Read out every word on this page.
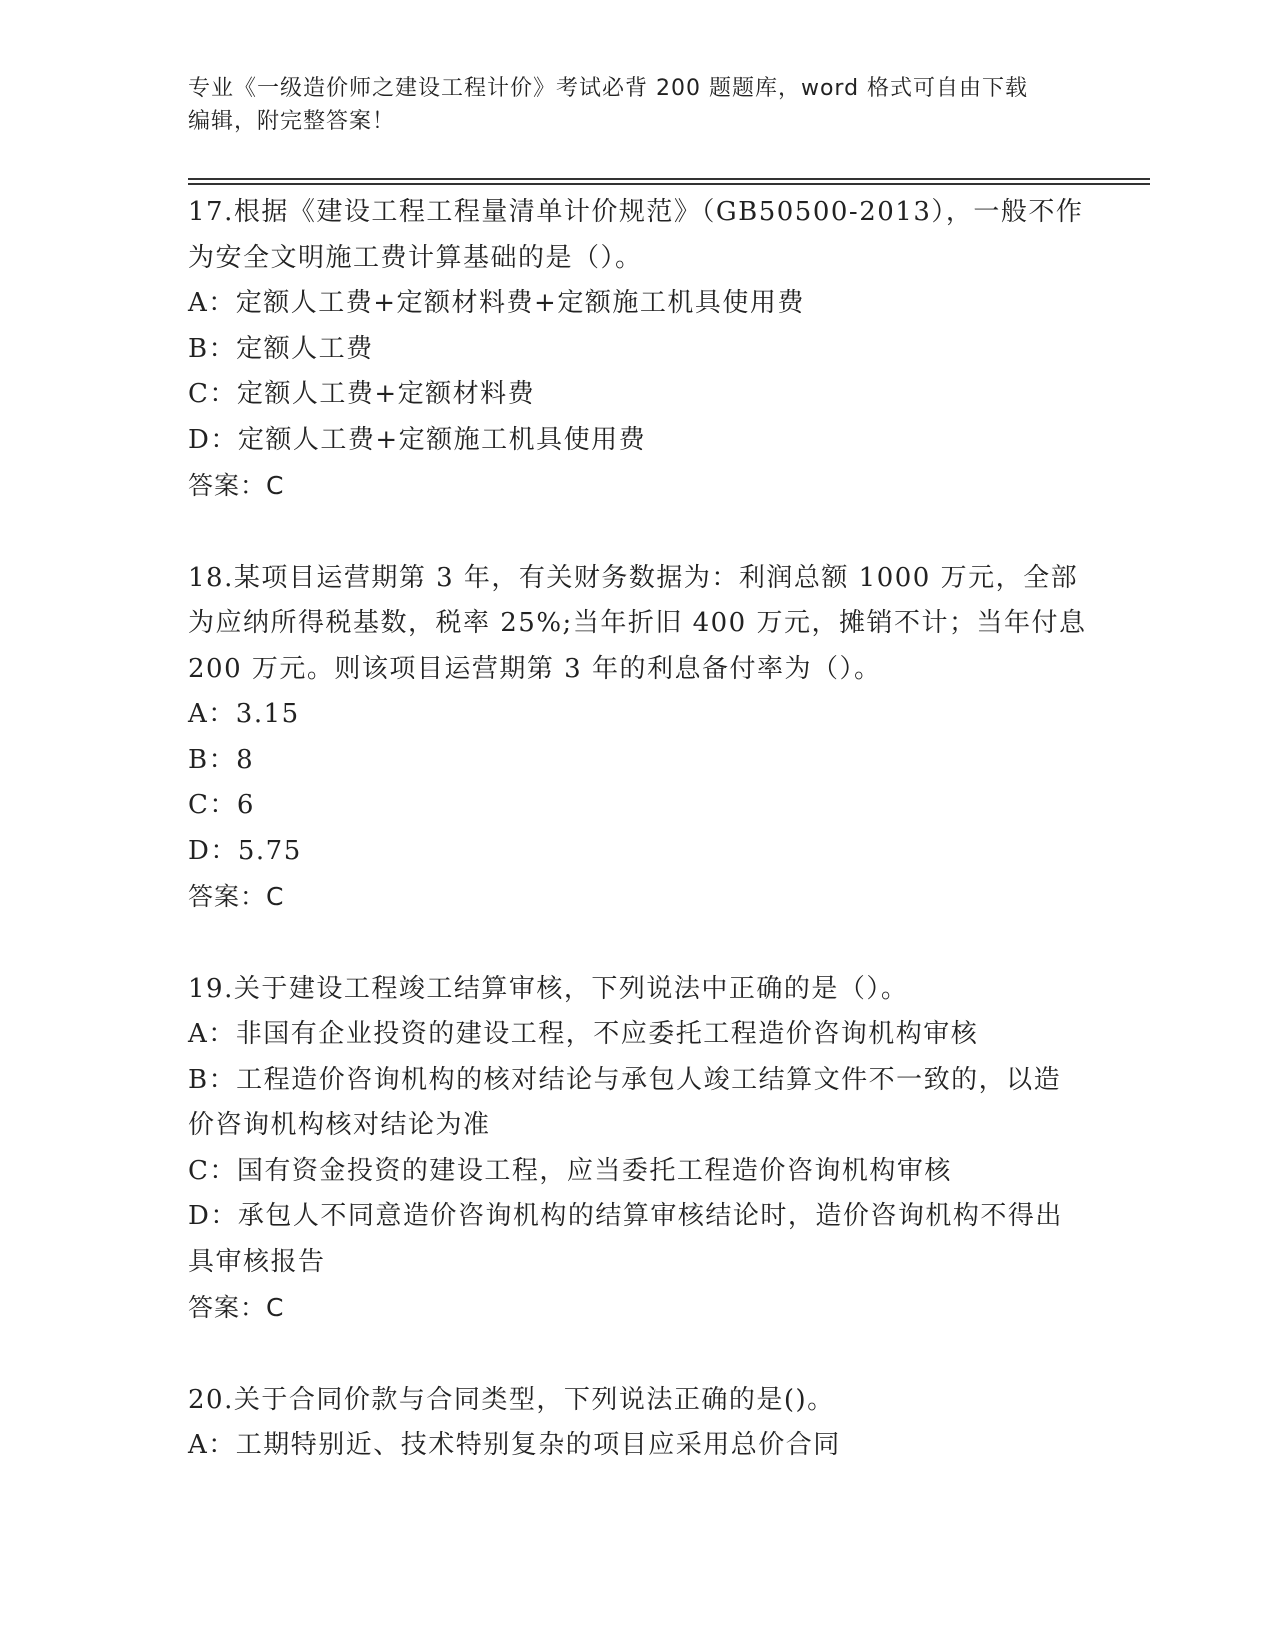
专业《一级造价师之建设工程计价》考试必背 200 题题库，word 格式可自由下载
编辑，附完整答案！

17.根据《建设工程工程量清单计价规范》（GB50500-2013），一般不作为安全文明施工费计算基础的是（）。

A：定额人工费+定额材料费+定额施工机具使用费

B：定额人工费

C：定额人工费+定额材料费

D：定额人工费+定额施工机具使用费

答案：C

18.某项目运营期第 3 年，有关财务数据为：利润总额 1000 万元，全部为应纳所得税基数，税率 25%;当年折旧 400 万元，摊销不计；当年付息 200 万元。则该项目运营期第 3 年的利息备付率为（）。

A：3.15

B：8

C：6

D：5.75

答案：C

19.关于建设工程竣工结算审核，下列说法中正确的是（）。

A：非国有企业投资的建设工程，不应委托工程造价咨询机构审核

B：工程造价咨询机构的核对结论与承包人竣工结算文件不一致的，以造价咨询机构核对结论为准

C：国有资金投资的建设工程，应当委托工程造价咨询机构审核

D：承包人不同意造价咨询机构的结算审核结论时，造价咨询机构不得出具审核报告

答案：C

20.关于合同价款与合同类型，下列说法正确的是()。

A：工期特别近、技术特别复杂的项目应采用总价合同
